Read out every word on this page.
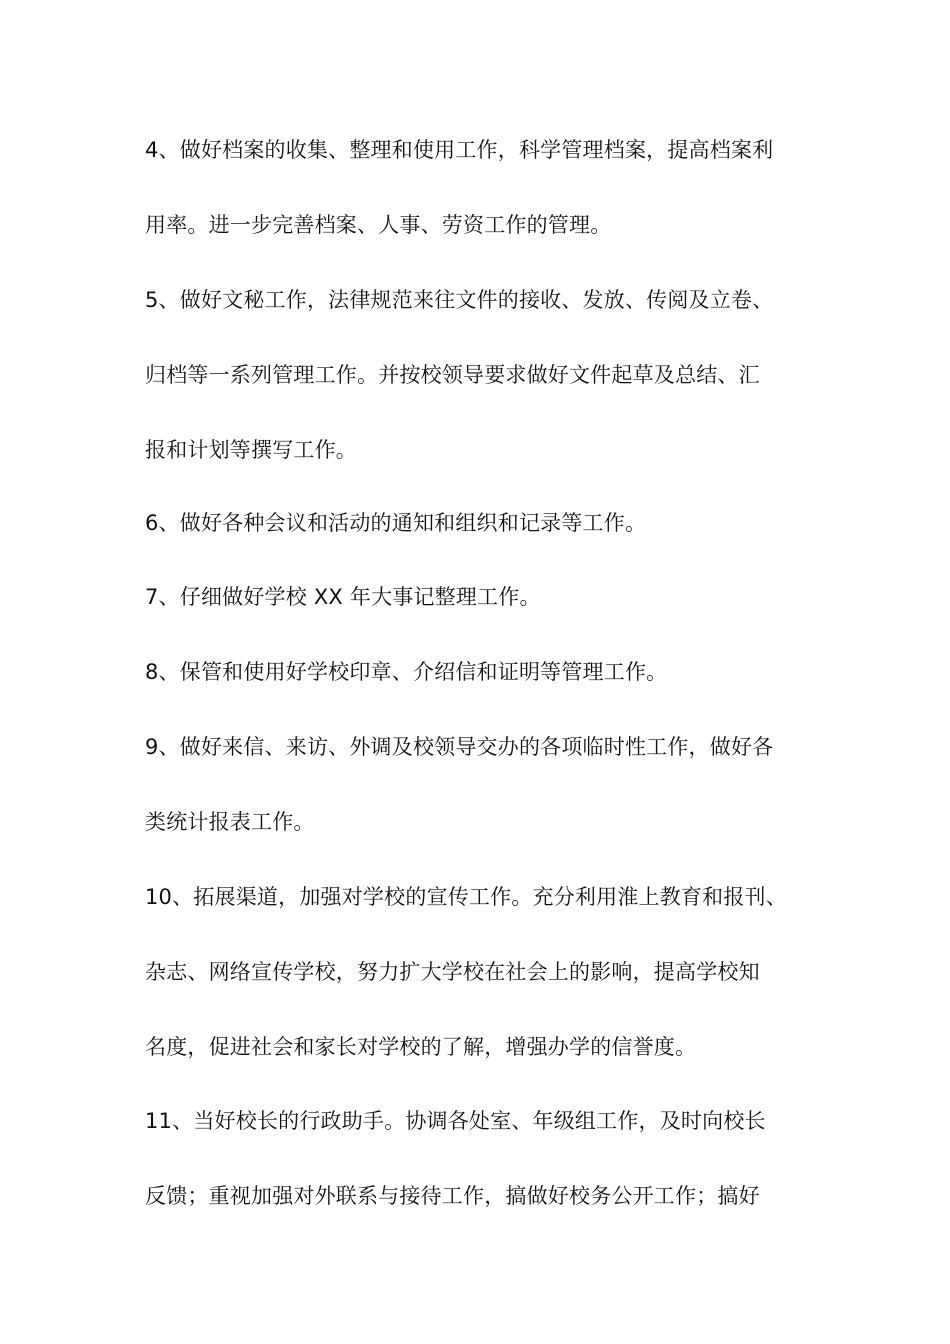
4、做好档案的收集、整理和使用工作，科学管理档案，提高档案利
用率。进一步完善档案、人事、劳资工作的管理。
5、做好文秘工作，法律规范来往文件的接收、发放、传阅及立卷、
归档等一系列管理工作。并按校领导要求做好文件起草及总结、汇
报和计划等撰写工作。
6、做好各种会议和活动的通知和组织和记录等工作。
7、仔细做好学校 XX 年大事记整理工作。
8、保管和使用好学校印章、介绍信和证明等管理工作。
9、做好来信、来访、外调及校领导交办的各项临时性工作，做好各
类统计报表工作。
10、拓展渠道，加强对学校的宣传工作。充分利用淮上教育和报刊、
杂志、网络宣传学校，努力扩大学校在社会上的影响，提高学校知
名度，促进社会和家长对学校的了解，增强办学的信誉度。
11、当好校长的行政助手。协调各处室、年级组工作，及时向校长
反馈；重视加强对外联系与接待工作，搞做好校务公开工作；搞好
